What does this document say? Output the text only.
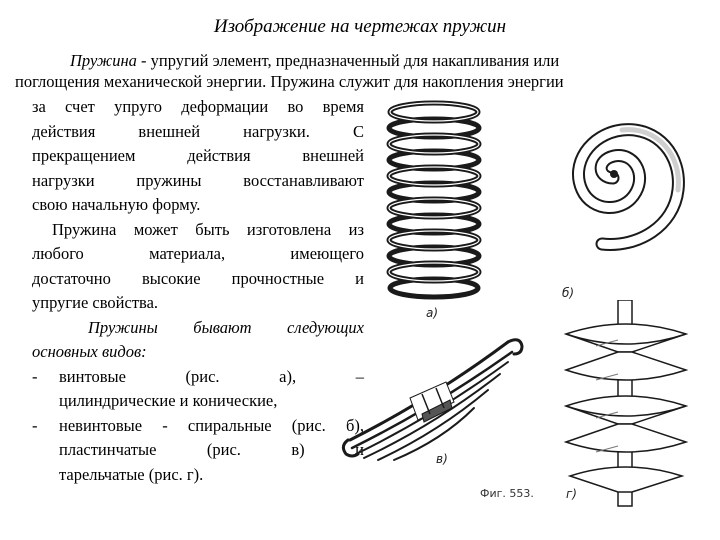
Изображение на чертежах пружин
Пружина - упругий элемент, предназначенный для накапливания или
поглощения механической энергии. Пружина служит для накопления энергии
за счет упруго деформации во время
действия внешней нагрузки. С
прекращением действия внешней
нагрузки пружины восстанавливают
свою начальную форму.
Пружина может быть изготовлена из
любого материала, имеющего
достаточно высокие прочностные и
упругие свойства.
Пружины бывают следующих
основных видов:
-	винтовые (рис. а), –
цилиндрические и конические,
-	невинтовые - спиральные (рис. б),
пластинчатые (рис. в) и
тарельчатые (рис. г).
а)
б)
в)
Фиг. 553.	г)
